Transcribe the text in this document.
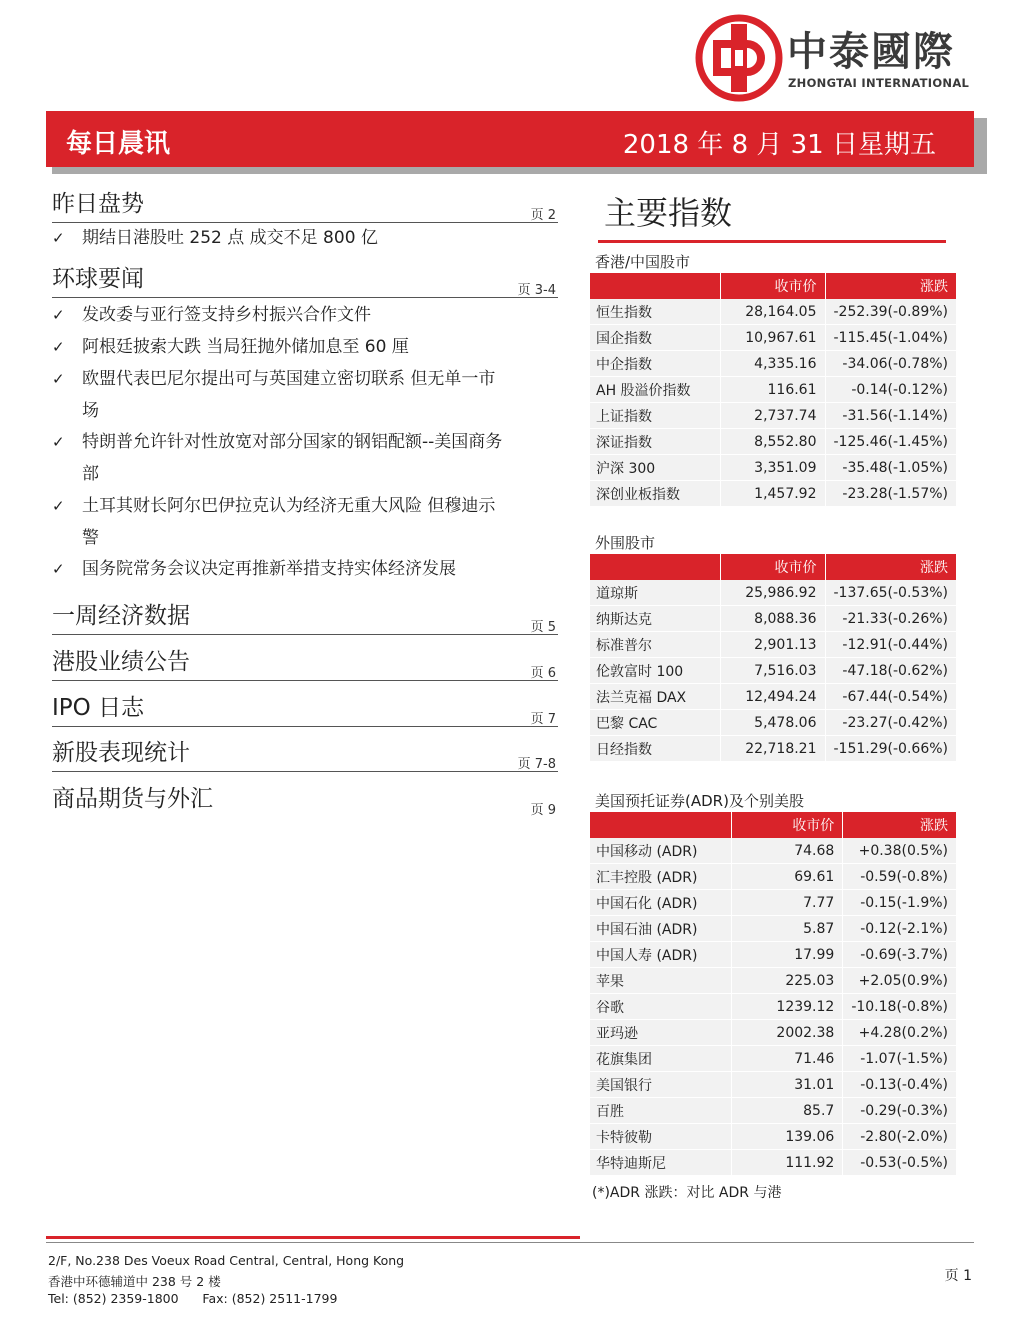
中泰國際
ZHONGTAI INTERNATIONAL
每日晨讯	2018 年 8 月 31 日星期五
昨日盘势	页 2
✓ 期结日港股吐 252 点 成交不足 800 亿
环球要闻	页 3-4
✓ 发改委与亚行签支持乡村振兴合作文件
✓ 阿根廷披索大跌 当局狂抛外储加息至 60 厘
✓ 欧盟代表巴尼尔提出可与英国建立密切联系 但无单一市场
✓ 特朗普允许针对性放宽对部分国家的钢铝配额--美国商务部
✓ 土耳其财长阿尔巴伊拉克认为经济无重大风险 但穆迪示警
✓ 国务院常务会议决定再推新举措支持实体经济发展
一周经济数据	页 5
港股业绩公告	页 6
IPO 日志	页 7
新股表现统计	页 7-8
商品期货与外汇	页 9
主要指数
香港/中国股市
	收市价	涨跌
恒生指数	28,164.05	-252.39(-0.89%)
国企指数	10,967.61	-115.45(-1.04%)
中企指数	4,335.16	-34.06(-0.78%)
AH 股溢价指数	116.61	-0.14(-0.12%)
上证指数	2,737.74	-31.56(-1.14%)
深证指数	8,552.80	-125.46(-1.45%)
沪深 300	3,351.09	-35.48(-1.05%)
深创业板指数	1,457.92	-23.28(-1.57%)
外围股市
	收市价	涨跌
道琼斯	25,986.92	-137.65(-0.53%)
纳斯达克	8,088.36	-21.33(-0.26%)
标准普尔	2,901.13	-12.91(-0.44%)
伦敦富时 100	7,516.03	-47.18(-0.62%)
法兰克福 DAX	12,494.24	-67.44(-0.54%)
巴黎 CAC	5,478.06	-23.27(-0.42%)
日经指数	22,718.21	-151.29(-0.66%)
美国预托证券(ADR)及个别美股
	收市价	涨跌
中国移动 (ADR)	74.68	+0.38(0.5%)
汇丰控股 (ADR)	69.61	-0.59(-0.8%)
中国石化 (ADR)	7.77	-0.15(-1.9%)
中国石油 (ADR)	5.87	-0.12(-2.1%)
中国人寿 (ADR)	17.99	-0.69(-3.7%)
苹果	225.03	+2.05(0.9%)
谷歌	1239.12	-10.18(-0.8%)
亚玛逊	2002.38	+4.28(0.2%)
花旗集团	71.46	-1.07(-1.5%)
美国银行	31.01	-0.13(-0.4%)
百胜	85.7	-0.29(-0.3%)
卡特彼勒	139.06	-2.80(-2.0%)
华特迪斯尼	111.92	-0.53(-0.5%)
(*)ADR 涨跌：对比 ADR 与港
2/F, No.238 Des Voeux Road Central, Central, Hong Kong
香港中环德辅道中 238 号 2 楼
Tel: (852) 2359-1800      Fax: (852) 2511-1799
页 1
